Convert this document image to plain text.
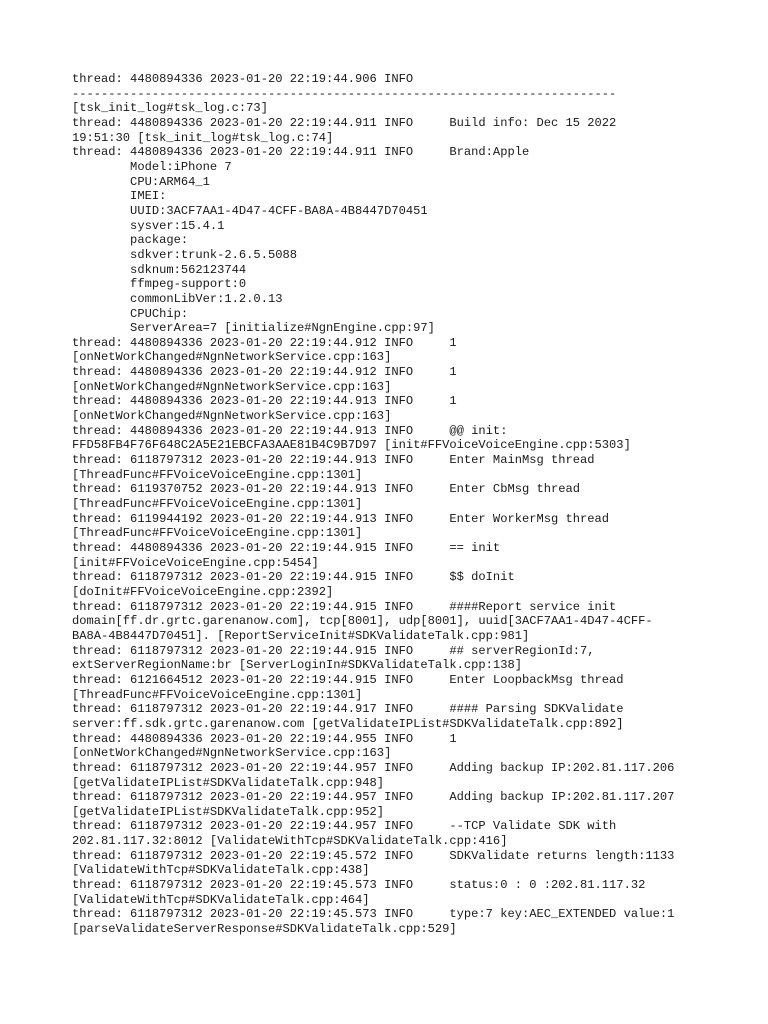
thread: 4480894336 2023-01-20 22:19:44.906 INFO
---------------------------------------------------------------------------
[tsk_init_log#tsk_log.c:73]
thread: 4480894336 2023-01-20 22:19:44.911 INFO     Build info: Dec 15 2022
19:51:30 [tsk_init_log#tsk_log.c:74]
thread: 4480894336 2023-01-20 22:19:44.911 INFO     Brand:Apple
Model:iPhone 7
CPU:ARM64_1
IMEI:
UUID:3ACF7AA1-4D47-4CFF-BA8A-4B8447D70451
sysver:15.4.1
package:
sdkver:trunk-2.6.5.5088
sdknum:562123744
ffmpeg-support:0
commonLibVer:1.2.0.13
CPUChip:
ServerArea=7 [initialize#NgnEngine.cpp:97]
thread: 4480894336 2023-01-20 22:19:44.912 INFO     1
[onNetWorkChanged#NgnNetworkService.cpp:163]
thread: 4480894336 2023-01-20 22:19:44.912 INFO     1
[onNetWorkChanged#NgnNetworkService.cpp:163]
thread: 4480894336 2023-01-20 22:19:44.913 INFO     1
[onNetWorkChanged#NgnNetworkService.cpp:163]
thread: 4480894336 2023-01-20 22:19:44.913 INFO     @@ init:
FFD58FB4F76F648C2A5E21EBCFA3AAE81B4C9B7D97 [init#FFVoiceVoiceEngine.cpp:5303]
thread: 6118797312 2023-01-20 22:19:44.913 INFO     Enter MainMsg thread
[ThreadFunc#FFVoiceVoiceEngine.cpp:1301]
thread: 6119370752 2023-01-20 22:19:44.913 INFO     Enter CbMsg thread
[ThreadFunc#FFVoiceVoiceEngine.cpp:1301]
thread: 6119944192 2023-01-20 22:19:44.913 INFO     Enter WorkerMsg thread
[ThreadFunc#FFVoiceVoiceEngine.cpp:1301]
thread: 4480894336 2023-01-20 22:19:44.915 INFO     == init
[init#FFVoiceVoiceEngine.cpp:5454]
thread: 6118797312 2023-01-20 22:19:44.915 INFO     $$ doInit
[doInit#FFVoiceVoiceEngine.cpp:2392]
thread: 6118797312 2023-01-20 22:19:44.915 INFO     ####Report service init
domain[ff.dr.grtc.garenanow.com], tcp[8001], udp[8001], uuid[3ACF7AA1-4D47-4CFF-
BA8A-4B8447D70451]. [ReportServiceInit#SDKValidateTalk.cpp:981]
thread: 6118797312 2023-01-20 22:19:44.915 INFO     ## serverRegionId:7,
extServerRegionName:br [ServerLoginIn#SDKValidateTalk.cpp:138]
thread: 6121664512 2023-01-20 22:19:44.915 INFO     Enter LoopbackMsg thread
[ThreadFunc#FFVoiceVoiceEngine.cpp:1301]
thread: 6118797312 2023-01-20 22:19:44.917 INFO     #### Parsing SDKValidate
server:ff.sdk.grtc.garenanow.com [getValidateIPList#SDKValidateTalk.cpp:892]
thread: 4480894336 2023-01-20 22:19:44.955 INFO     1
[onNetWorkChanged#NgnNetworkService.cpp:163]
thread: 6118797312 2023-01-20 22:19:44.957 INFO     Adding backup IP:202.81.117.206
[getValidateIPList#SDKValidateTalk.cpp:948]
thread: 6118797312 2023-01-20 22:19:44.957 INFO     Adding backup IP:202.81.117.207
[getValidateIPList#SDKValidateTalk.cpp:952]
thread: 6118797312 2023-01-20 22:19:44.957 INFO     --TCP Validate SDK with
202.81.117.32:8012 [ValidateWithTcp#SDKValidateTalk.cpp:416]
thread: 6118797312 2023-01-20 22:19:45.572 INFO     SDKValidate returns length:1133
[ValidateWithTcp#SDKValidateTalk.cpp:438]
thread: 6118797312 2023-01-20 22:19:45.573 INFO     status:0 : 0 :202.81.117.32
[ValidateWithTcp#SDKValidateTalk.cpp:464]
thread: 6118797312 2023-01-20 22:19:45.573 INFO     type:7 key:AEC_EXTENDED value:1
[parseValidateServerResponse#SDKValidateTalk.cpp:529]
